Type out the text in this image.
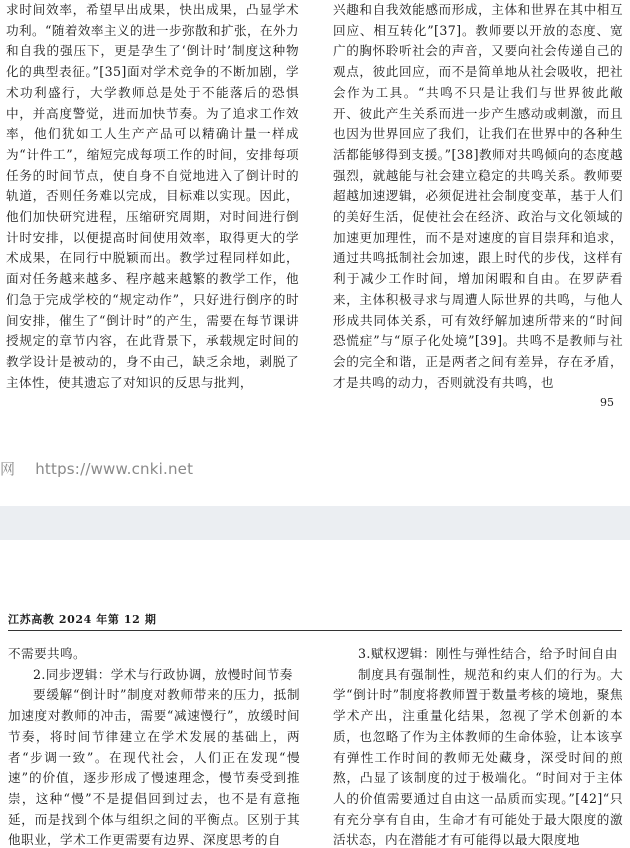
求时间效率，希望早出成果，快出成果，凸显学术功利。“随着效率主义的进一步弥散和扩张，在外力和自我的强压下，更是孕生了‘倒计时’制度这种物化的典型表征。”[35]面对学术竞争的不断加剧，学术功利盛行，大学教师总是处于不能落后的恐惧中，并高度警觉，进而加快节奏。为了追求工作效率，他们犹如工人生产产品可以精确计量一样成为“计件工”，缩短完成每项工作的时间，安排每项任务的时间节点，使自身不自觉地进入了倒计时的轨道，否则任务难以完成，目标难以实现。因此，他们加快研究进程，压缩研究周期，对时间进行倒计时安排，以便提高时间使用效率，取得更大的学术成果，在同行中脱颖而出。教学过程同样如此，面对任务越来越多、程序越来越繁的教学工作，他们急于完成学校的“规定动作”，只好进行倒序的时间安排，催生了“倒计时”的产生，需要在每节课讲授规定的章节内容，在此背景下，承载规定时间的教学设计是被动的，身不由己，缺乏余地，剥脱了主体性，使其遗忘了对知识的反思与批判，
兴趣和自我效能感而形成，主体和世界在其中相互回应、相互转化”[37]。教师要以开放的态度、宽广的胸怀聆听社会的声音，又要向社会传递自己的观点，彼此回应，而不是简单地从社会吸收，把社会作为工具。“共鸣不只是让我们与世界彼此敞开、彼此产生关系而进一步产生感动或刺激，而且也因为世界回应了我们，让我们在世界中的各种生活都能够得到支援。”[38]教师对共鸣倾向的态度越强烈，就越能与社会建立稳定的共鸣关系。教师要超越加速逻辑，必须促进社会制度变革，基于人们的美好生活，促使社会在经济、政治与文化领域的加速更加理性，而不是对速度的盲目崇拜和追求，通过共鸣抵制社会加速，跟上时代的步伐，这样有利于减少工作时间，增加闲暇和自由。在罗萨看来，主体积极寻求与周遭人际世界的共鸣，与他人形成共同体关系，可有效纾解加速所带来的“时间恐慌症”与“原子化处境”[39]。共鸣不是教师与社会的完全和谐，正是两者之间有差异，存在矛盾，才是共鸣的动力，否则就没有共鸣，也
95
网 https://www.cnki.net
江苏高教 2024 年第 12 期

不需要共鸣。

2.同步逻辑：学术与行政协调，放慢时间节奏

要缓解“倒计时”制度对教师带来的压力，抵制加速度对教师的冲击，需要“减速慢行”，放缓时间节奏，将时间节律建立在学术发展的基础上，两者“步调一致”。在现代社会，人们正在发现“慢速”的价值，逐步形成了慢速理念，慢节奏受到推崇，这种“慢”不是提倡回到过去，也不是有意拖延，而是找到个体与组织之间的平衡点。区别于其他职业，学术工作更需要有边界、深度思考的自

3.赋权逻辑：刚性与弹性结合，给予时间自由

制度具有强制性，规范和约束人们的行为。大学“倒计时”制度将教师置于数量考核的境地，聚焦学术产出，注重量化结果，忽视了学术创新的本质，也忽略了作为主体教师的生命体验，让本该享有弹性工作时间的教师无处藏身，深受时间的煎熬，凸显了该制度的过于极端化。“时间对于主体人的价值需要通过自由这一品质而实现。”[42]“只有充分享有自由，生命才有可能处于最大限度的激活状态，内在潜能才有可能得以最大限度地
